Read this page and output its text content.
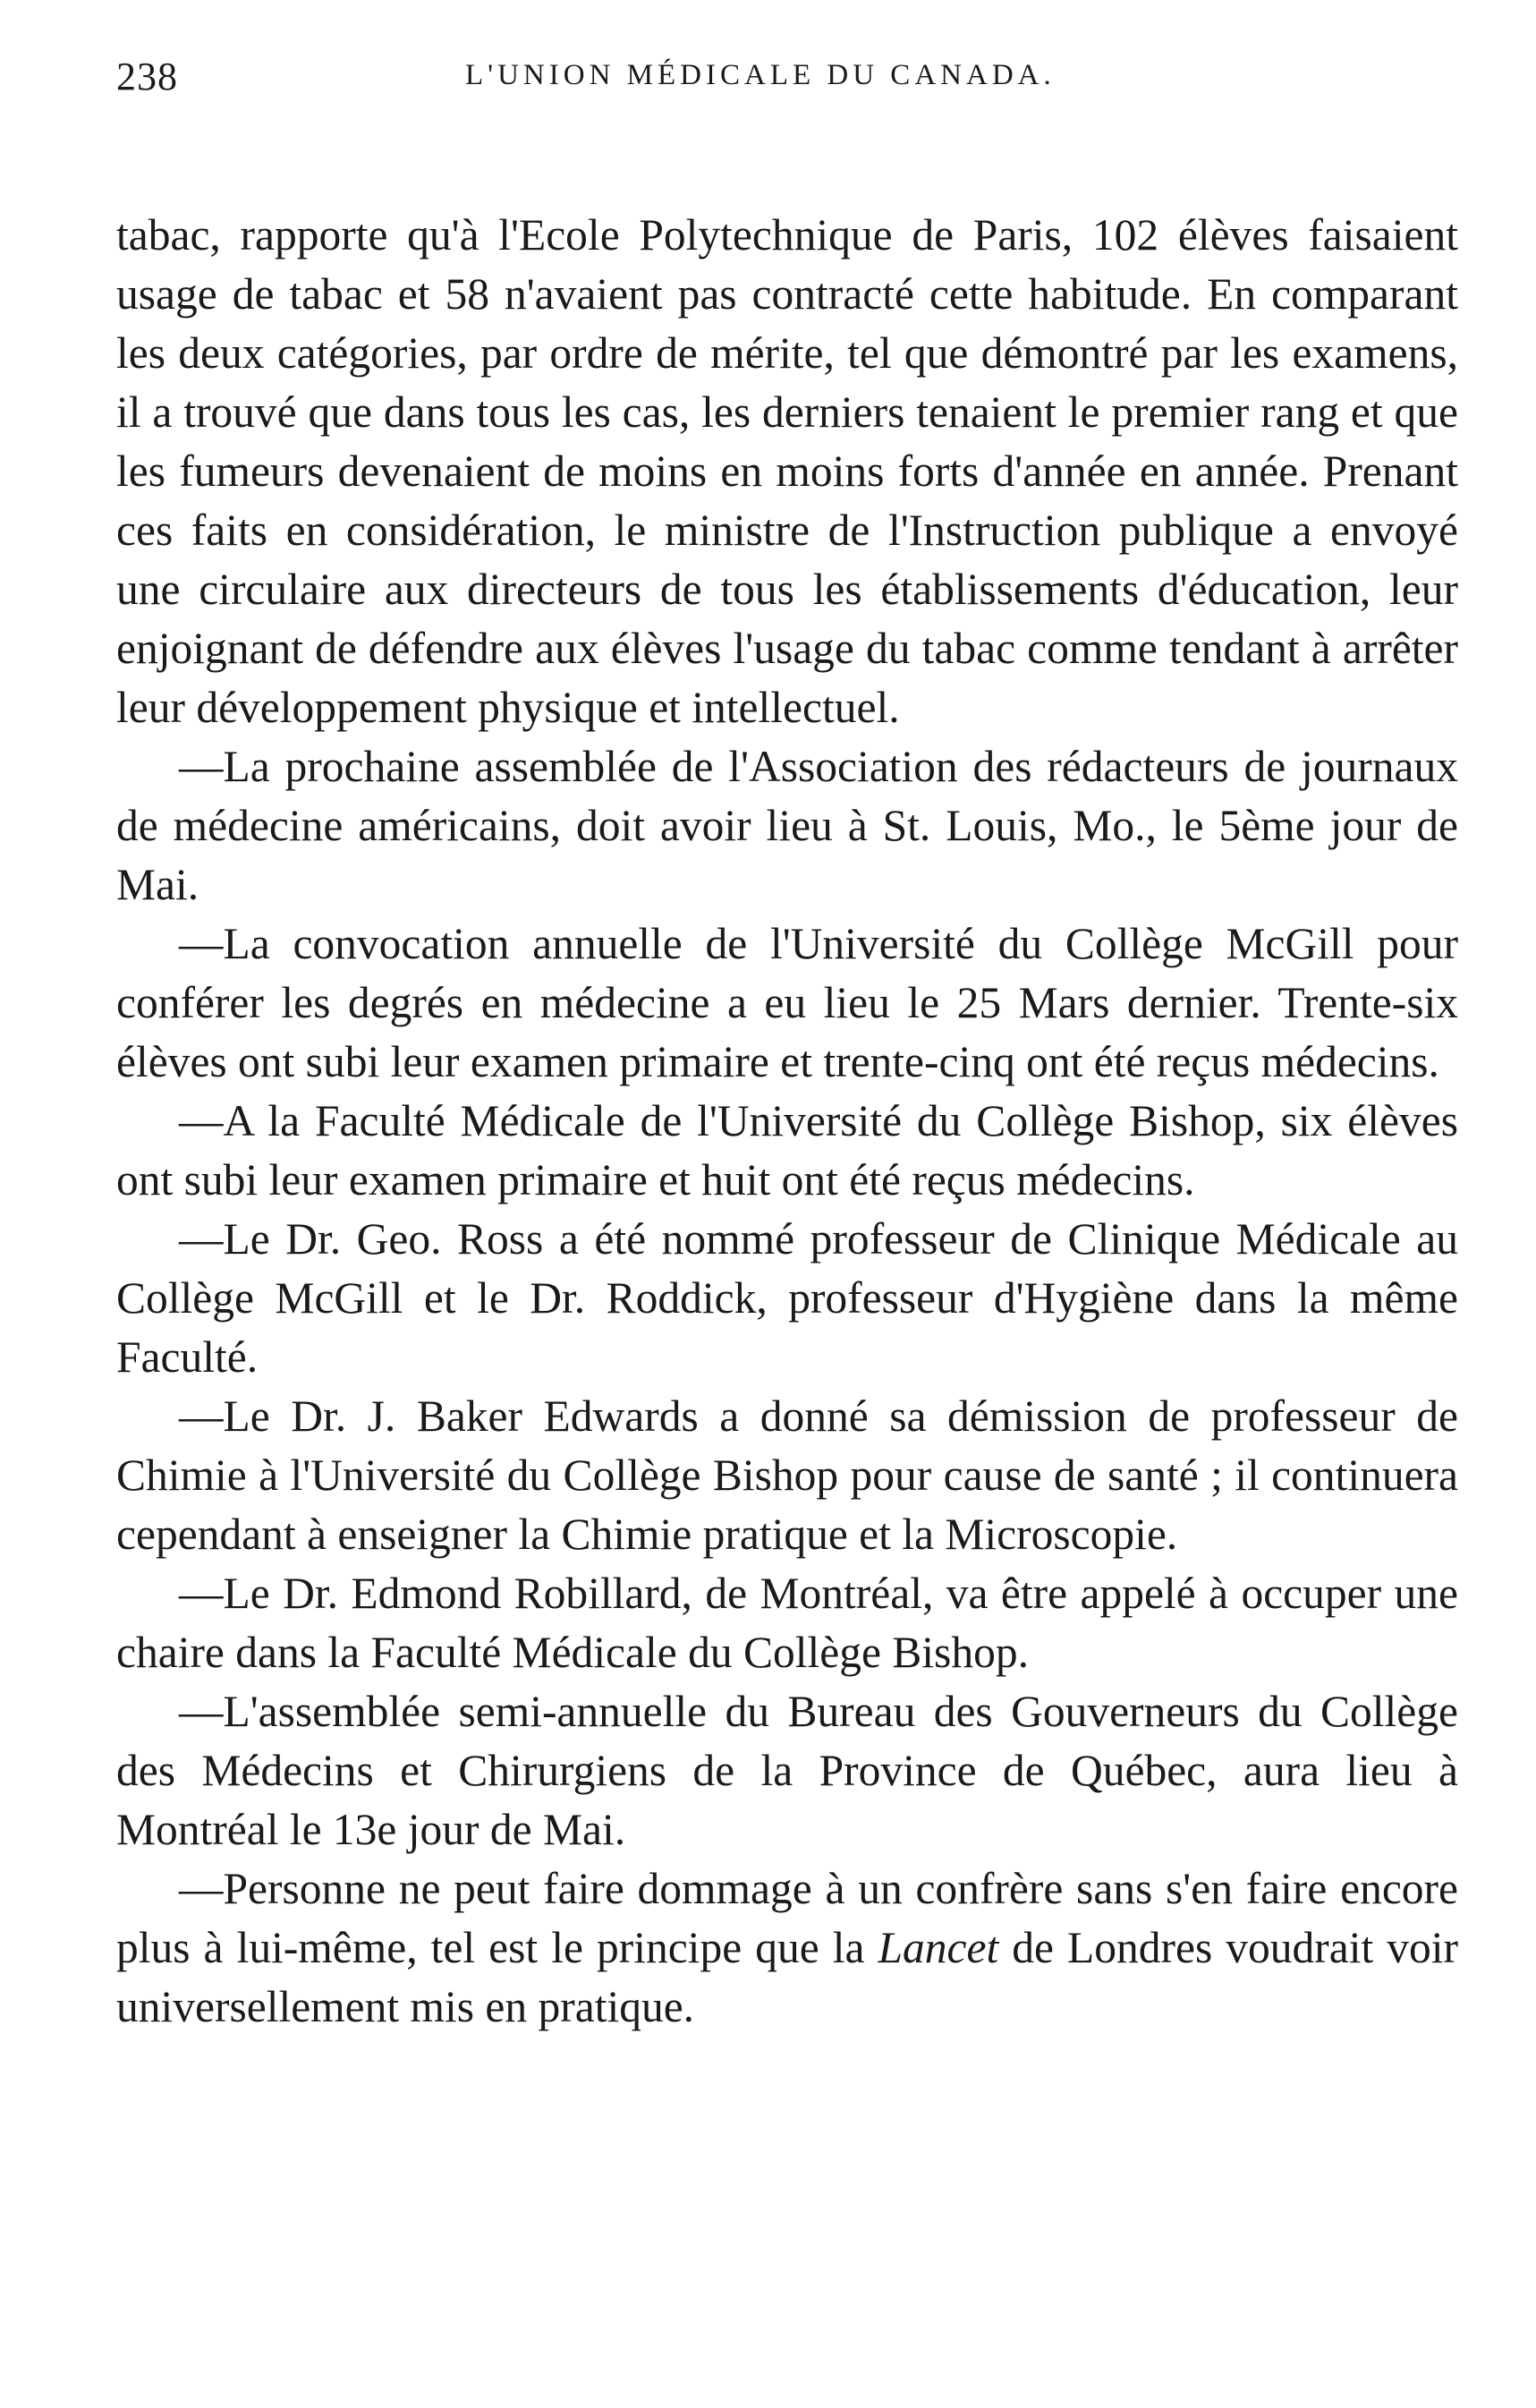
238	L'UNION MÉDICALE DU CANADA.

tabac, rapporte qu'à l'Ecole Polytechnique de Paris, 102 élèves faisaient usage de tabac et 58 n'avaient pas contracté cette habitude. En comparant les deux catégories, par ordre de mérite, tel que démontré par les examens, il a trouvé que dans tous les cas, les derniers tenaient le premier rang et que les fumeurs devenaient de moins en moins forts d'année en année. Prenant ces faits en considération, le ministre de l'Instruction publique a envoyé une circulaire aux directeurs de tous les établissements d'éducation, leur enjoignant de défendre aux élèves l'usage du tabac comme tendant à arrêter leur développement physique et intellectuel.

—La prochaine assemblée de l'Association des rédacteurs de journaux de médecine américains, doit avoir lieu à St. Louis, Mo., le 5ème jour de Mai.

—La convocation annuelle de l'Université du Collège McGill pour conférer les degrés en médecine a eu lieu le 25 Mars dernier. Trente-six élèves ont subi leur examen primaire et trente-cinq ont été reçus médecins.

—A la Faculté Médicale de l'Université du Collège Bishop, six élèves ont subi leur examen primaire et huit ont été reçus médecins.

—Le Dr. Geo. Ross a été nommé professeur de Clinique Médicale au Collège McGill et le Dr. Roddick, professeur d'Hygiène dans la même Faculté.

—Le Dr. J. Baker Edwards a donné sa démission de professeur de Chimie à l'Université du Collège Bishop pour cause de santé ; il continuera cependant à enseigner la Chimie pratique et la Microscopie.

—Le Dr. Edmond Robillard, de Montréal, va être appelé à occuper une chaire dans la Faculté Médicale du Collège Bishop.

—L'assemblée semi-annuelle du Bureau des Gouverneurs du Collège des Médecins et Chirurgiens de la Province de Québec, aura lieu à Montréal le 13e jour de Mai.

—Personne ne peut faire dommage à un confrère sans s'en faire encore plus à lui-même, tel est le principe que la Lancet de Londres voudrait voir universellement mis en pratique.
